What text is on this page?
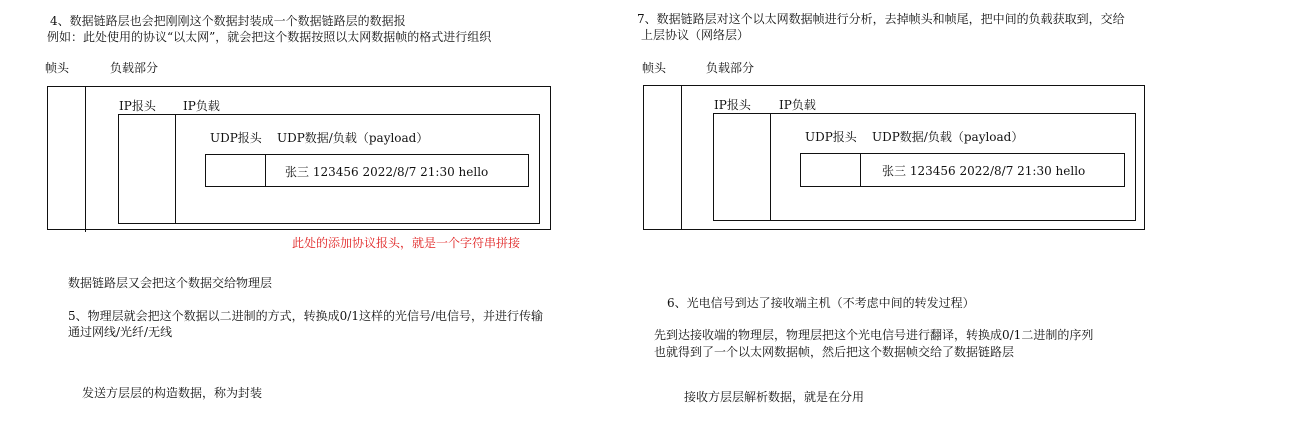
4、数据链路层也会把刚刚这个数据封装成一个数据链路层的数据报
例如：此处使用的协议“以太网”，就会把这个数据按照以太网数据帧的格式进行组织
帧头	负载部分
IP报头 IP负载
UDP报头 UDP数据/负载（payload）
张三 123456 2022/8/7 21:30 hello
此处的添加协议报头，就是一个字符串拼接
数据链路层又会把这个数据交给物理层
5、物理层就会把这个数据以二进制的方式，转换成0/1这样的光信号/电信号，并进行传输
通过网线/光纤/无线
发送方层层的构造数据，称为封装
7、数据链路层对这个以太网数据帧进行分析，去掉帧头和帧尾，把中间的负载获取到，交给
上层协议（网络层）
帧头	负载部分
IP报头 IP负载
UDP报头 UDP数据/负载（payload）
张三 123456 2022/8/7 21:30 hello
6、光电信号到达了接收端主机（不考虑中间的转发过程）
先到达接收端的物理层，物理层把这个光电信号进行翻译，转换成0/1二进制的序列
也就得到了一个以太网数据帧，然后把这个数据帧交给了数据链路层
接收方层层解析数据，就是在分用
